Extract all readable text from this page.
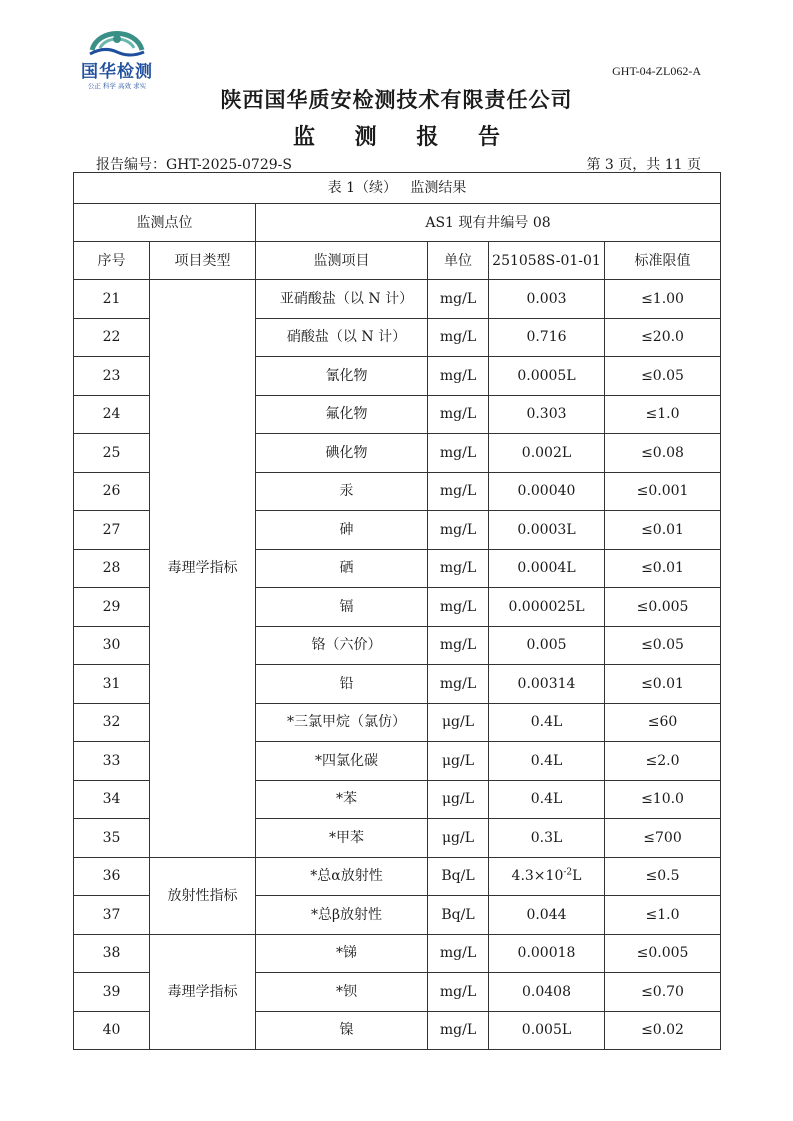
国华检测
公正 科学 高效 求实
GHT-04-ZL062-A
陕西国华质安检测技术有限责任公司
监 测 报 告
报告编号：GHT-2025-0729-S	第 3 页，共 11 页
表 1（续）   监测结果					
监测点位		AS1 现有井编号 08			
序号	项目类型	监测项目	单位	251058S-01-01	标准限值
21	毒理学指标	亚硝酸盐（以 N 计）	mg/L	0.003	≤1.00
22		硝酸盐（以 N 计）	mg/L	0.716	≤20.0
23		氰化物	mg/L	0.0005L	≤0.05
24		氟化物	mg/L	0.303	≤1.0
25		碘化物	mg/L	0.002L	≤0.08
26		汞	mg/L	0.00040	≤0.001
27		砷	mg/L	0.0003L	≤0.01
28		硒	mg/L	0.0004L	≤0.01
29		镉	mg/L	0.000025L	≤0.005
30		铬（六价）	mg/L	0.005	≤0.05
31		铅	mg/L	0.00314	≤0.01
32		*三氯甲烷（氯仿）	μg/L	0.4L	≤60
33		*四氯化碳	μg/L	0.4L	≤2.0
34		*苯	μg/L	0.4L	≤10.0
35		*甲苯	μg/L	0.3L	≤700
36	放射性指标	*总α放射性	Bq/L	$4.3\times 10^{-2}L$	≤0.5
37		*总β放射性	Bq/L	0.044	≤1.0
38	毒理学指标	*锑	mg/L	0.00018	≤0.005
39		*钡	mg/L	0.0408	≤0.70
40		镍	mg/L	0.005L	≤0.02
